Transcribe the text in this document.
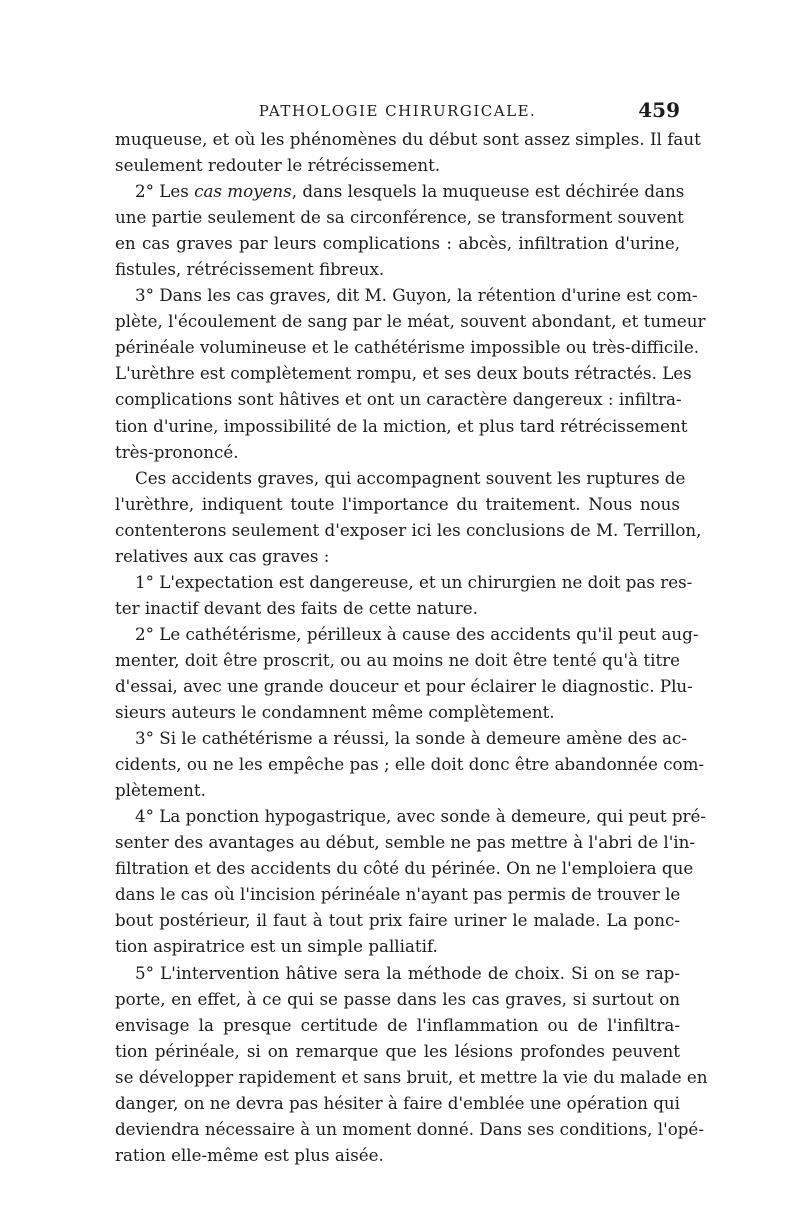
PATHOLOGIE CHIRURGICALE.	459
muqueuse, et où les phénomènes du début sont assez simples. Il faut
seulement redouter le rétrécissement.
2° Les cas moyens, dans lesquels la muqueuse est déchirée dans
une partie seulement de sa circonférence, se transforment souvent
en cas graves par leurs complications : abcès, infiltration d'urine,
fistules, rétrécissement fibreux.
3° Dans les cas graves, dit M. Guyon, la rétention d'urine est com-
plète, l'écoulement de sang par le méat, souvent abondant, et tumeur
périnéale volumineuse et le cathétérisme impossible ou très-difficile.
L'urèthre est complètement rompu, et ses deux bouts rétractés. Les
complications sont hâtives et ont un caractère dangereux : infiltra-
tion d'urine, impossibilité de la miction, et plus tard rétrécissement
très-prononcé.
Ces accidents graves, qui accompagnent souvent les ruptures de
l'urèthre, indiquent toute l'importance du traitement. Nous nous
contenterons seulement d'exposer ici les conclusions de M. Terrillon,
relatives aux cas graves :
1° L'expectation est dangereuse, et un chirurgien ne doit pas res-
ter inactif devant des faits de cette nature.
2° Le cathétérisme, périlleux à cause des accidents qu'il peut aug-
menter, doit être proscrit, ou au moins ne doit être tenté qu'à titre
d'essai, avec une grande douceur et pour éclairer le diagnostic. Plu-
sieurs auteurs le condamnent même complètement.
3° Si le cathétérisme a réussi, la sonde à demeure amène des ac-
cidents, ou ne les empêche pas ; elle doit donc être abandonnée com-
plètement.
4° La ponction hypogastrique, avec sonde à demeure, qui peut pré-
senter des avantages au début, semble ne pas mettre à l'abri de l'in-
filtration et des accidents du côté du périnée. On ne l'emploiera que
dans le cas où l'incision périnéale n'ayant pas permis de trouver le
bout postérieur, il faut à tout prix faire uriner le malade. La ponc-
tion aspiratrice est un simple palliatif.
5° L'intervention hâtive sera la méthode de choix. Si on se rap-
porte, en effet, à ce qui se passe dans les cas graves, si surtout on
envisage la presque certitude de l'inflammation ou de l'infiltra-
tion périnéale, si on remarque que les lésions profondes peuvent
se développer rapidement et sans bruit, et mettre la vie du malade en
danger, on ne devra pas hésiter à faire d'emblée une opération qui
deviendra nécessaire à un moment donné. Dans ses conditions, l'opé-
ration elle-même est plus aisée.
